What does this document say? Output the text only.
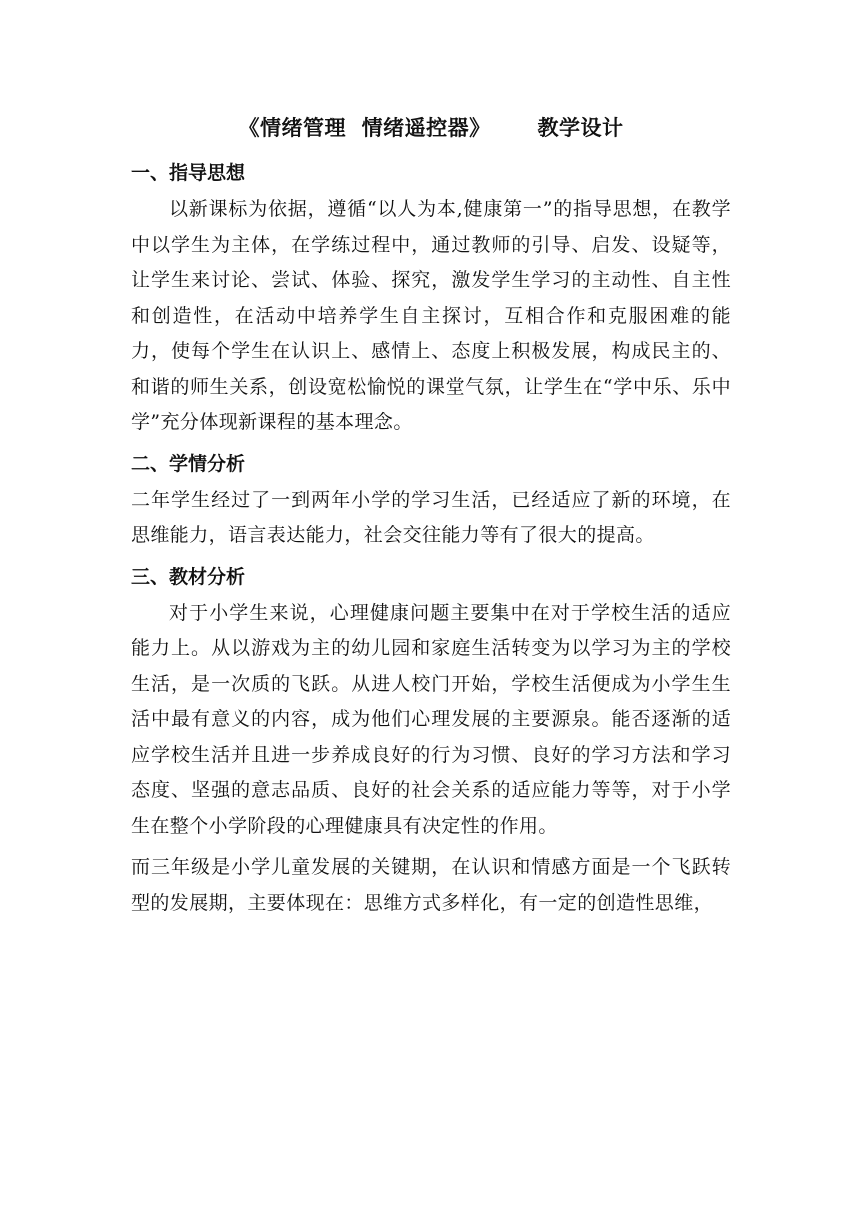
《情绪管理  情绪遥控器》      教学设计
一、指导思想

以新课标为依据，遵循“以人为本,健康第一”的指导思想，在教学中以学生为主体，在学练过程中，通过教师的引导、启发、设疑等，让学生来讨论、尝试、体验、探究，激发学生学习的主动性、自主性和创造性，在活动中培养学生自主探讨，互相合作和克服困难的能力，使每个学生在认识上、感情上、态度上积极发展，构成民主的、和谐的师生关系，创设宽松愉悦的课堂气氛，让学生在“学中乐、乐中学”充分体现新课程的基本理念。

二、学情分析

二年学生经过了一到两年小学的学习生活，已经适应了新的环境，在思维能力，语言表达能力，社会交往能力等有了很大的提高。

三、教材分析

对于小学生来说，心理健康问题主要集中在对于学校生活的适应能力上。从以游戏为主的幼儿园和家庭生活转变为以学习为主的学校生活，是一次质的飞跃。从进人校门开始，学校生活便成为小学生生活中最有意义的内容，成为他们心理发展的主要源泉。能否逐渐的适应学校生活并且进一步养成良好的行为习惯、良好的学习方法和学习态度、坚强的意志品质、良好的社会关系的适应能力等等，对于小学生在整个小学阶段的心理健康具有决定性的作用。

而三年级是小学儿童发展的关键期，在认识和情感方面是一个飞跃转型的发展期，主要体现在：思维方式多样化，有一定的创造性思维，
